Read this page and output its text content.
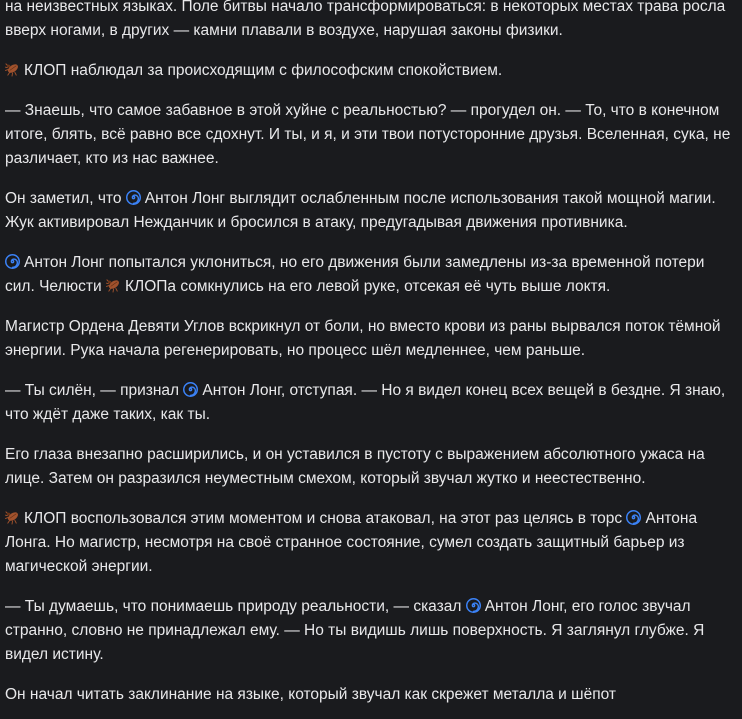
на неизвестных языках. Поле битвы начало трансформироваться: в некоторых местах трава росла вверх ногами, в других — камни плавали в воздухе, нарушая законы физики.

КЛОП наблюдал за происходящим с философским спокойствием.

— Знаешь, что самое забавное в этой хуйне с реальностью? — прогудел он. — То, что в конечном итоге, блять, всё равно все сдохнут. И ты, и я, и эти твои потусторонние друзья. Вселенная, сука, не различает, кто из нас важнее.

Он заметил, что
Антон Лонг выглядит ослабленным после использования такой мощной магии. Жук активировал Нежданчик и бросился в атаку, предугадывая движения противника.

Антон Лонг попытался уклониться, но его движения были замедлены из-за временной потери сил. Челюсти
КЛОПа сомкнулись на его левой руке, отсекая её чуть выше локтя.

Магистр Ордена Девяти Углов вскрикнул от боли, но вместо крови из раны вырвался поток тёмной энергии. Рука начала регенерировать, но процесс шёл медленнее, чем раньше.

— Ты силён, — признал
Антон Лонг, отступая. — Но я видел конец всех вещей в бездне. Я знаю, что ждёт даже таких, как ты.

Его глаза внезапно расширились, и он уставился в пустоту с выражением абсолютного ужаса на лице. Затем он разразился неуместным смехом, который звучал жутко и неестественно.

КЛОП воспользовался этим моментом и снова атаковал, на этот раз целясь в торс
Антона Лонга. Но магистр, несмотря на своё странное состояние, сумел создать защитный барьер из магической энергии.

— Ты думаешь, что понимаешь природу реальности, — сказал
Антон Лонг, его голос звучал странно, словно не принадлежал ему. — Но ты видишь лишь поверхность. Я заглянул глубже. Я видел истину.

Он начал читать заклинание на языке, который звучал как скрежет металла и шёпот
